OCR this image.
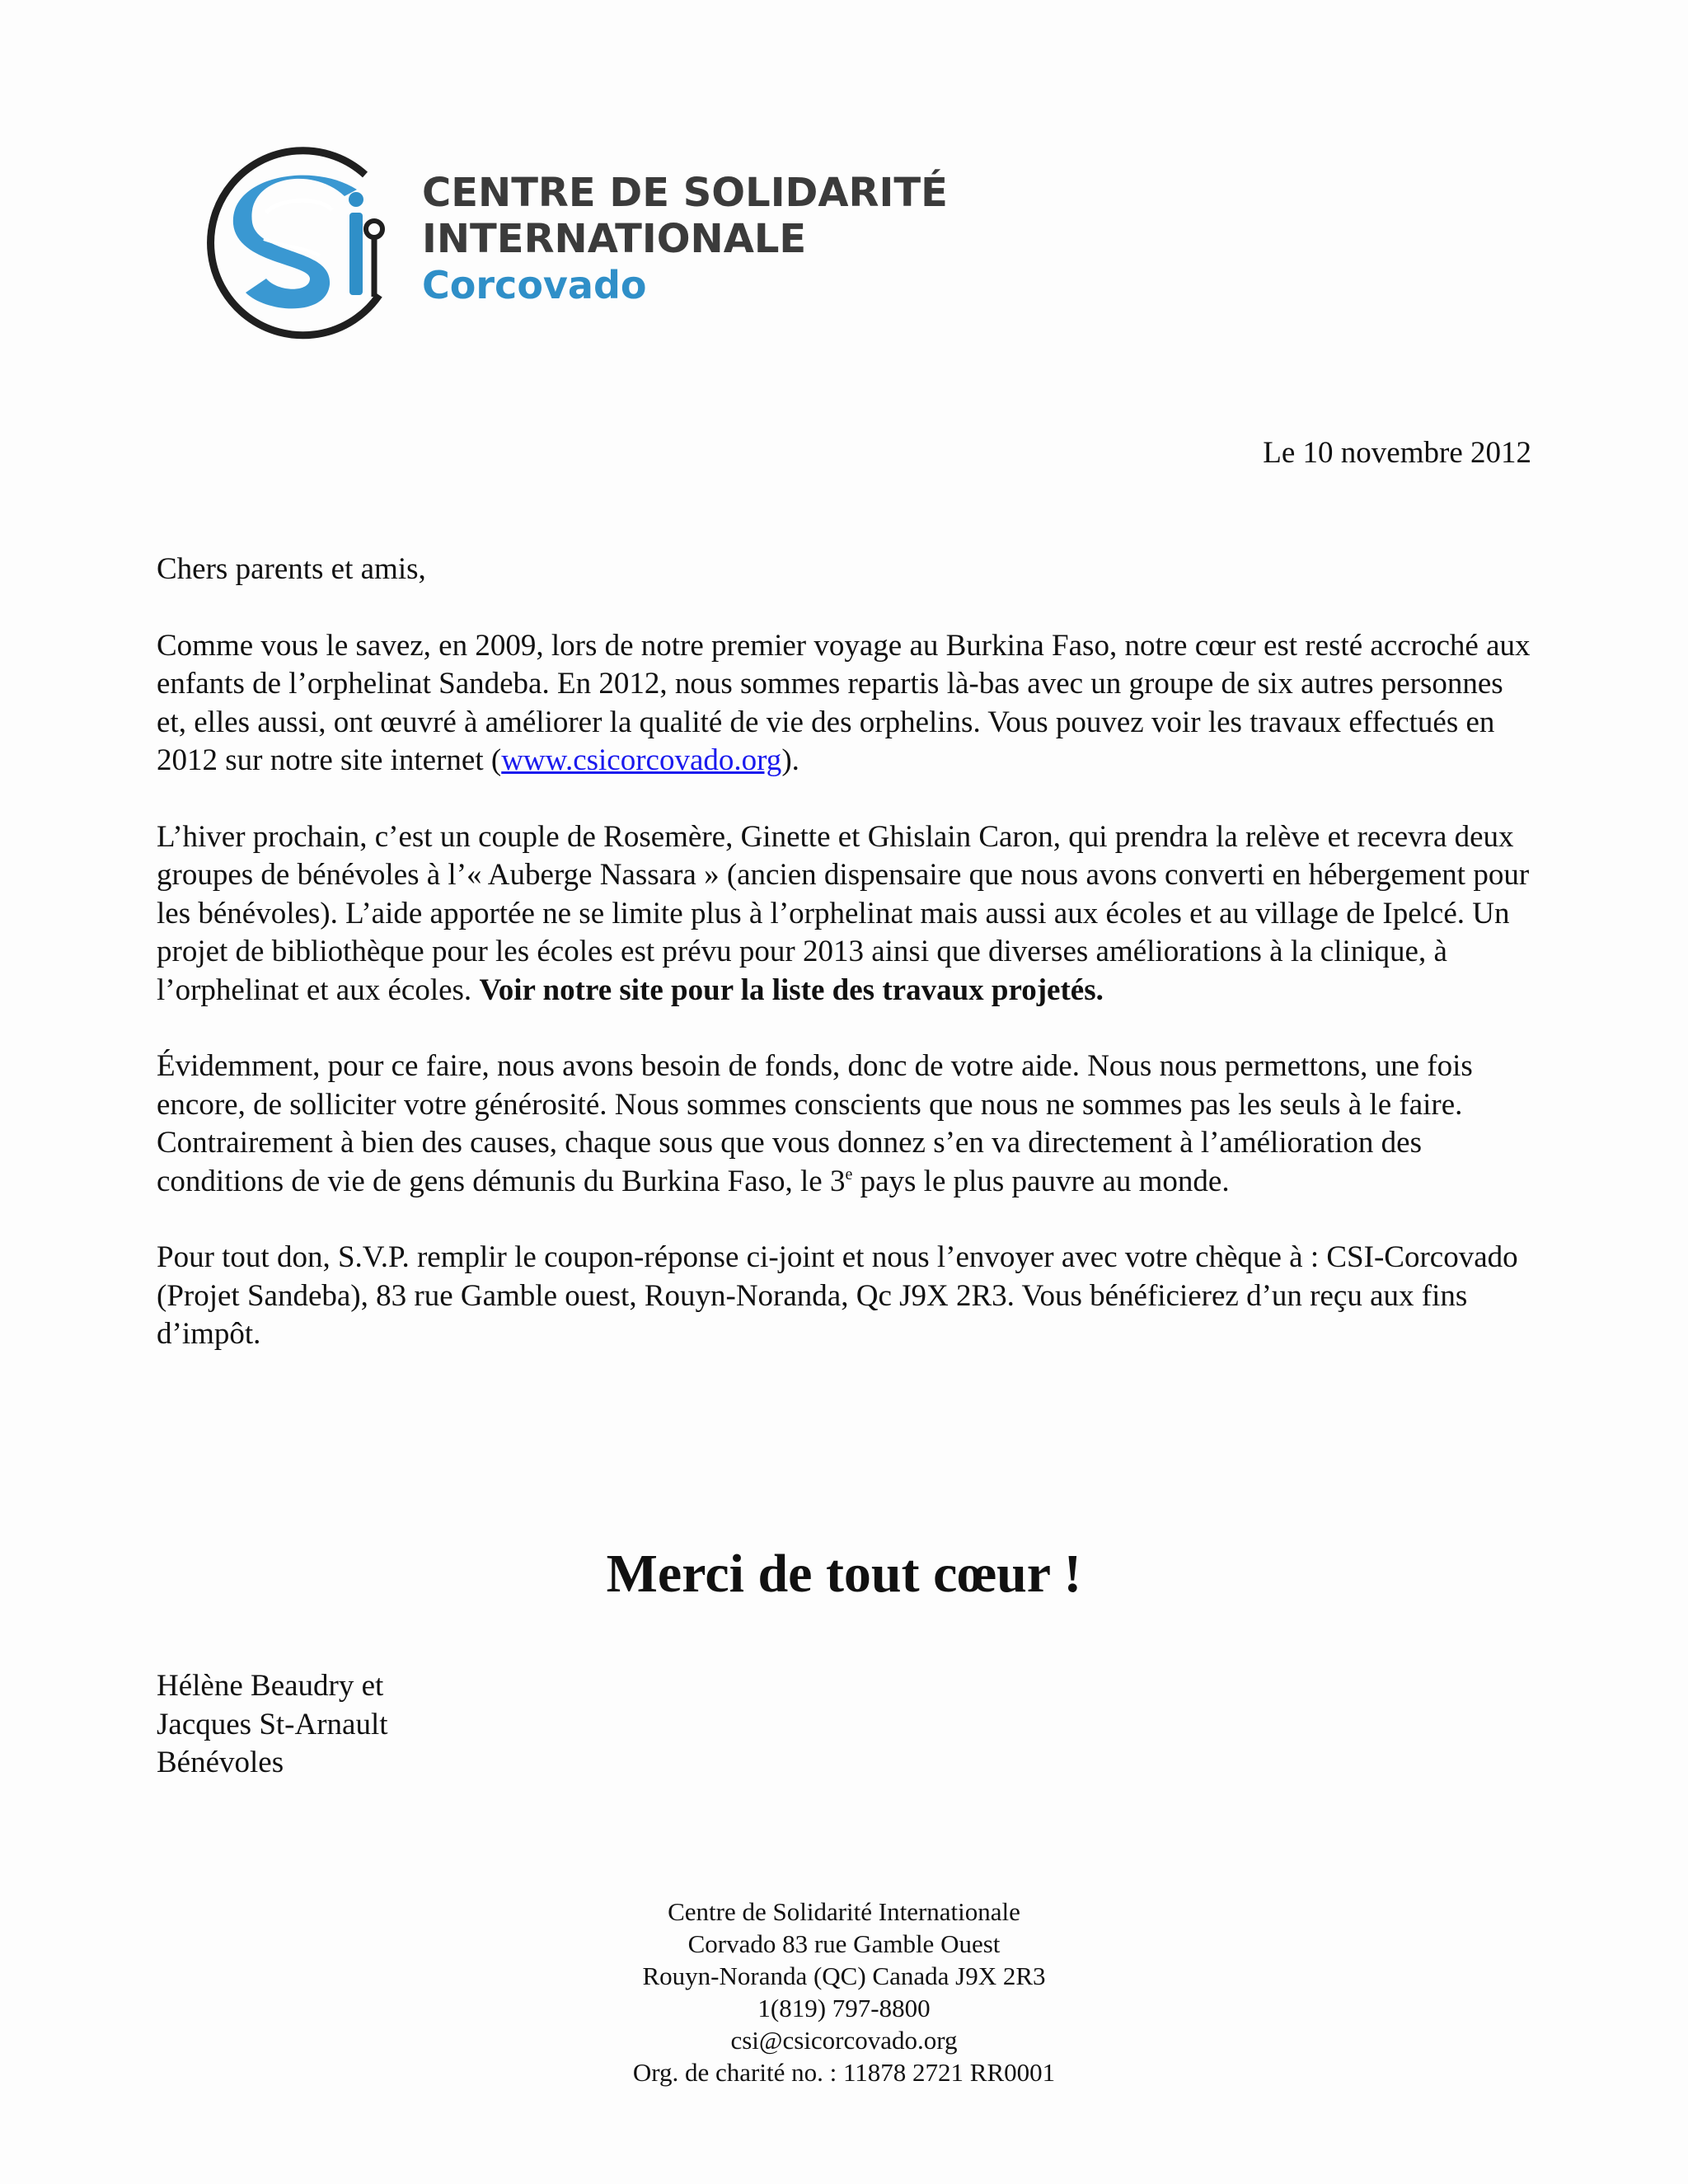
CENTRE DE SOLIDARITÉ
INTERNATIONALE
Corcovado
Le 10 novembre 2012

Chers parents et amis,

Comme vous le savez, en 2009, lors de notre premier voyage au Burkina Faso, notre cœur est resté accroché aux enfants de l’orphelinat Sandeba. En 2012, nous sommes repartis là-bas avec un groupe de six autres personnes et, elles aussi, ont œuvré à améliorer la qualité de vie des orphelins. Vous pouvez voir les travaux effectués en 2012 sur notre site internet (www.csicorcovado.org).

L’hiver prochain, c’est un couple de Rosemère, Ginette et Ghislain Caron, qui prendra la relève et recevra deux groupes de bénévoles à l’« Auberge Nassara » (ancien dispensaire que nous avons converti en hébergement pour les bénévoles). L’aide apportée ne se limite plus à l’orphelinat mais aussi aux écoles et au village de Ipelcé. Un projet de bibliothèque pour les écoles est prévu pour 2013 ainsi que diverses améliorations à la clinique, à l’orphelinat et aux écoles. Voir notre site pour la liste des travaux projetés.

Évidemment, pour ce faire, nous avons besoin de fonds, donc de votre aide. Nous nous permettons, une fois encore, de solliciter votre générosité. Nous sommes conscients que nous ne sommes pas les seuls à le faire. Contrairement à bien des causes, chaque sous que vous donnez s’en va directement à l’amélioration des conditions de vie de gens démunis du Burkina Faso, le 3e pays le plus pauvre au monde.

Pour tout don, S.V.P. remplir le coupon-réponse ci-joint et nous l’envoyer avec votre chèque à : CSI-Corcovado (Projet Sandeba), 83 rue Gamble ouest, Rouyn-Noranda, Qc J9X 2R3. Vous bénéficierez d’un reçu aux fins d’impôt.

Merci de tout cœur !
Hélène Beaudry et
Jacques St-Arnault
Bénévoles
Centre de Solidarité Internationale
Corvado 83 rue Gamble Ouest
Rouyn-Noranda (QC) Canada J9X 2R3
1(819) 797-8800
csi@csicorcovado.org
Org. de charité no. : 11878 2721 RR0001
